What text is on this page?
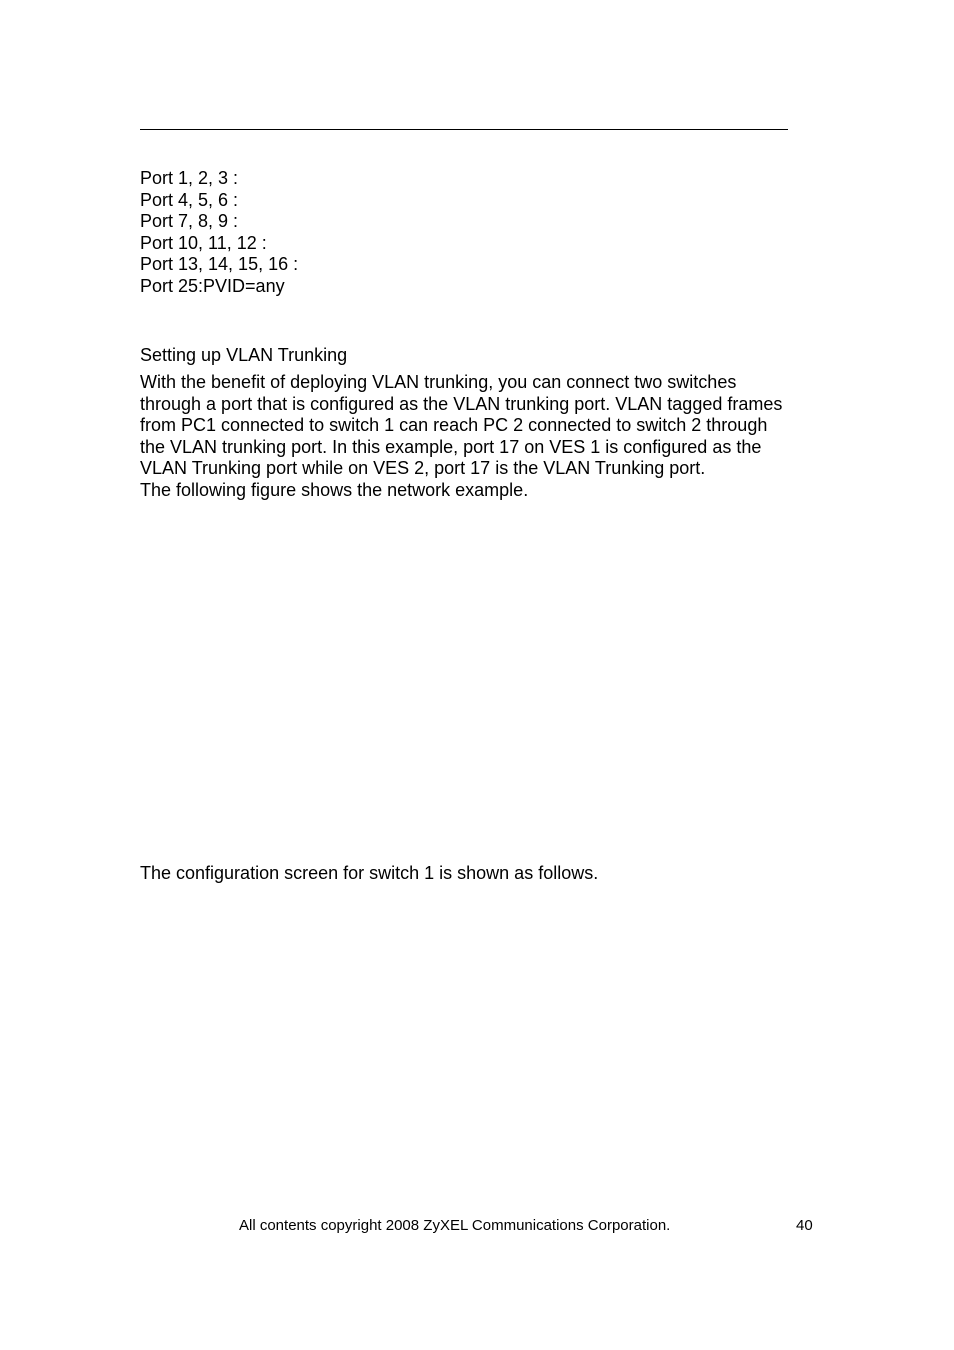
Port 1, 2, 3 :
Port 4, 5, 6 :
Port 7, 8, 9 :
Port 10, 11, 12 :
Port 13, 14, 15, 16 :
Port 25:PVID=any
Setting up VLAN Trunking
With the benefit of deploying VLAN trunking, you can connect two switches
through a port that is configured as the VLAN trunking port. VLAN tagged frames
from PC1 connected to switch 1 can reach PC 2 connected to switch 2 through
the VLAN trunking port. In this example, port 17 on VES 1 is configured as the
VLAN Trunking port while on VES 2, port 17 is the VLAN Trunking port.
The following figure shows the network example.
The configuration screen for switch 1 is shown as follows.
All contents copyright 2008 ZyXEL Communications Corporation.	40
